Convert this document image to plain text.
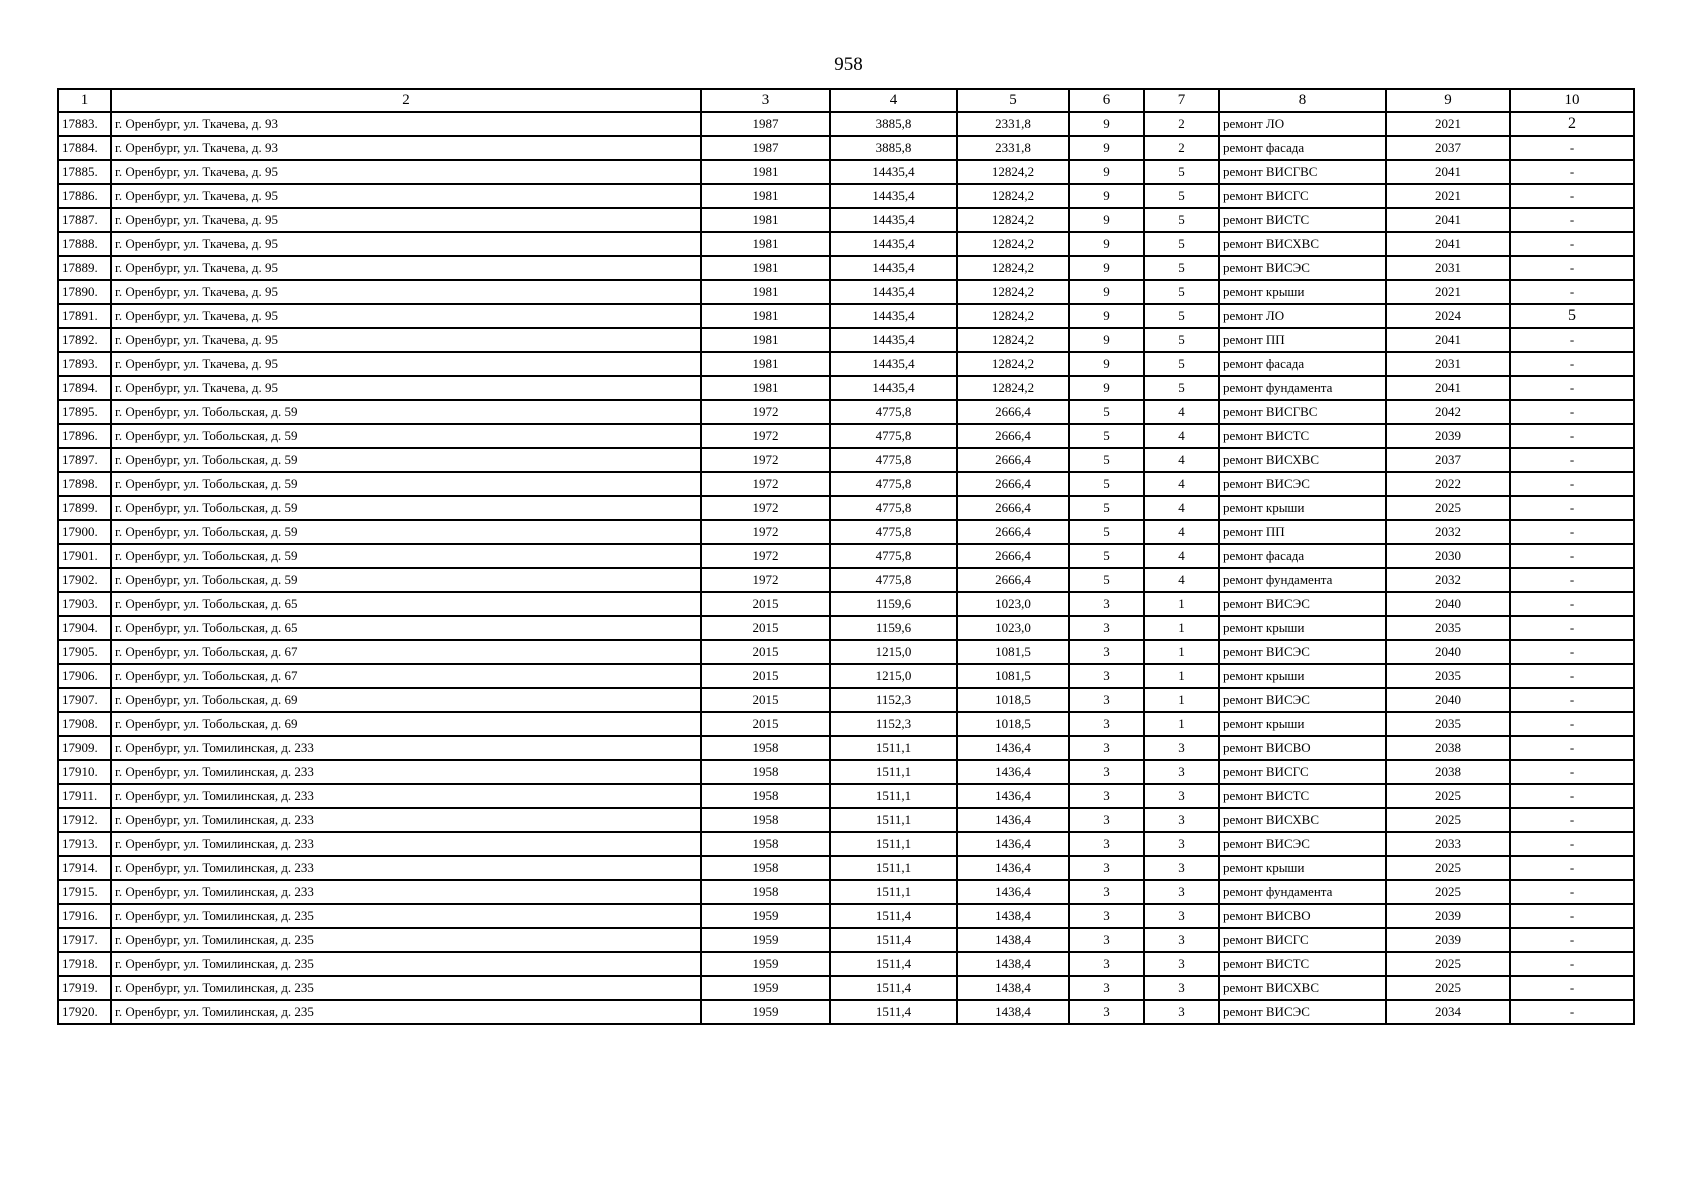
958
1	2	3	4	5	6	7	8	9	10
17883.	г. Оренбург, ул. Ткачева, д. 93	1987	3885,8	2331,8	9	2	ремонт ЛО	2021	2
17884.	г. Оренбург, ул. Ткачева, д. 93	1987	3885,8	2331,8	9	2	ремонт фасада	2037	-
17885.	г. Оренбург, ул. Ткачева, д. 95	1981	14435,4	12824,2	9	5	ремонт ВИСГВС	2041	-
17886.	г. Оренбург, ул. Ткачева, д. 95	1981	14435,4	12824,2	9	5	ремонт ВИСГС	2021	-
17887.	г. Оренбург, ул. Ткачева, д. 95	1981	14435,4	12824,2	9	5	ремонт ВИСТС	2041	-
17888.	г. Оренбург, ул. Ткачева, д. 95	1981	14435,4	12824,2	9	5	ремонт ВИСХВС	2041	-
17889.	г. Оренбург, ул. Ткачева, д. 95	1981	14435,4	12824,2	9	5	ремонт ВИСЭС	2031	-
17890.	г. Оренбург, ул. Ткачева, д. 95	1981	14435,4	12824,2	9	5	ремонт крыши	2021	-
17891.	г. Оренбург, ул. Ткачева, д. 95	1981	14435,4	12824,2	9	5	ремонт ЛО	2024	5
17892.	г. Оренбург, ул. Ткачева, д. 95	1981	14435,4	12824,2	9	5	ремонт ПП	2041	-
17893.	г. Оренбург, ул. Ткачева, д. 95	1981	14435,4	12824,2	9	5	ремонт фасада	2031	-
17894.	г. Оренбург, ул. Ткачева, д. 95	1981	14435,4	12824,2	9	5	ремонт фундамента	2041	-
17895.	г. Оренбург, ул. Тобольская, д. 59	1972	4775,8	2666,4	5	4	ремонт ВИСГВС	2042	-
17896.	г. Оренбург, ул. Тобольская, д. 59	1972	4775,8	2666,4	5	4	ремонт ВИСТС	2039	-
17897.	г. Оренбург, ул. Тобольская, д. 59	1972	4775,8	2666,4	5	4	ремонт ВИСХВС	2037	-
17898.	г. Оренбург, ул. Тобольская, д. 59	1972	4775,8	2666,4	5	4	ремонт ВИСЭС	2022	-
17899.	г. Оренбург, ул. Тобольская, д. 59	1972	4775,8	2666,4	5	4	ремонт крыши	2025	-
17900.	г. Оренбург, ул. Тобольская, д. 59	1972	4775,8	2666,4	5	4	ремонт ПП	2032	-
17901.	г. Оренбург, ул. Тобольская, д. 59	1972	4775,8	2666,4	5	4	ремонт фасада	2030	-
17902.	г. Оренбург, ул. Тобольская, д. 59	1972	4775,8	2666,4	5	4	ремонт фундамента	2032	-
17903.	г. Оренбург, ул. Тобольская, д. 65	2015	1159,6	1023,0	3	1	ремонт ВИСЭС	2040	-
17904.	г. Оренбург, ул. Тобольская, д. 65	2015	1159,6	1023,0	3	1	ремонт крыши	2035	-
17905.	г. Оренбург, ул. Тобольская, д. 67	2015	1215,0	1081,5	3	1	ремонт ВИСЭС	2040	-
17906.	г. Оренбург, ул. Тобольская, д. 67	2015	1215,0	1081,5	3	1	ремонт крыши	2035	-
17907.	г. Оренбург, ул. Тобольская, д. 69	2015	1152,3	1018,5	3	1	ремонт ВИСЭС	2040	-
17908.	г. Оренбург, ул. Тобольская, д. 69	2015	1152,3	1018,5	3	1	ремонт крыши	2035	-
17909.	г. Оренбург, ул. Томилинская, д. 233	1958	1511,1	1436,4	3	3	ремонт ВИСВО	2038	-
17910.	г. Оренбург, ул. Томилинская, д. 233	1958	1511,1	1436,4	3	3	ремонт ВИСГС	2038	-
17911.	г. Оренбург, ул. Томилинская, д. 233	1958	1511,1	1436,4	3	3	ремонт ВИСТС	2025	-
17912.	г. Оренбург, ул. Томилинская, д. 233	1958	1511,1	1436,4	3	3	ремонт ВИСХВС	2025	-
17913.	г. Оренбург, ул. Томилинская, д. 233	1958	1511,1	1436,4	3	3	ремонт ВИСЭС	2033	-
17914.	г. Оренбург, ул. Томилинская, д. 233	1958	1511,1	1436,4	3	3	ремонт крыши	2025	-
17915.	г. Оренбург, ул. Томилинская, д. 233	1958	1511,1	1436,4	3	3	ремонт фундамента	2025	-
17916.	г. Оренбург, ул. Томилинская, д. 235	1959	1511,4	1438,4	3	3	ремонт ВИСВО	2039	-
17917.	г. Оренбург, ул. Томилинская, д. 235	1959	1511,4	1438,4	3	3	ремонт ВИСГС	2039	-
17918.	г. Оренбург, ул. Томилинская, д. 235	1959	1511,4	1438,4	3	3	ремонт ВИСТС	2025	-
17919.	г. Оренбург, ул. Томилинская, д. 235	1959	1511,4	1438,4	3	3	ремонт ВИСХВС	2025	-
17920.	г. Оренбург, ул. Томилинская, д. 235	1959	1511,4	1438,4	3	3	ремонт ВИСЭС	2034	-
